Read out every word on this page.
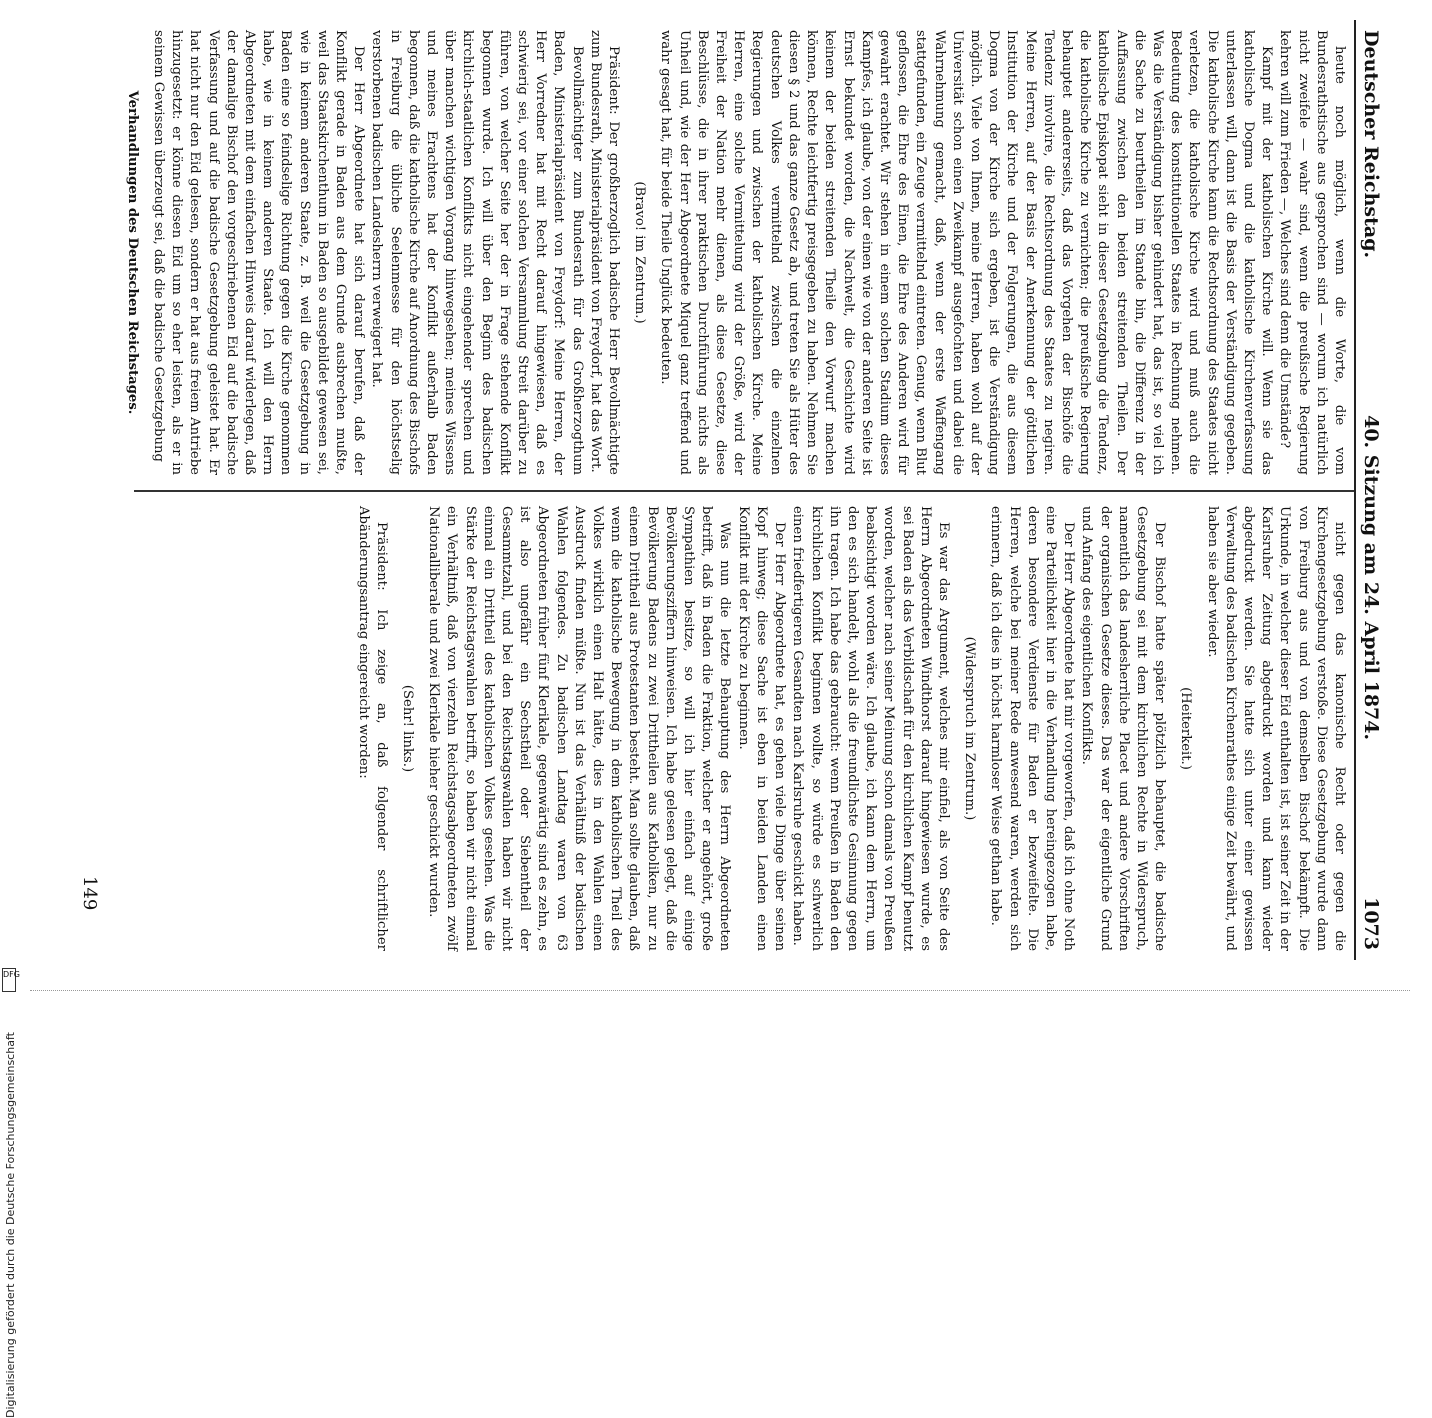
Deutscher Reichstag.
40. Sitzung am 24. April 1874.
1073

heute noch möglich, wenn die Worte, die vom Bundesrathstische aus gesprochen sind — worum ich natürlich nicht zweifele — wahr sind, wenn die preußische Regierung kehren will zum Frieden —, Welches sind denn die Umstände?

Kampf mit der katholischen Kirche will. Wenn sie das katholische Dogma und die katholische Kirchenverfassung unterlassen will, dann ist die Basis der Verständigung gegeben. Die katholische Kirche kann die Rechtsordnung des Staates nicht verletzen, die katholische Kirche wird und muß auch die Bedeutung des konstitutionellen Staates in Rechnung nehmen. Was die Verständigung bisher gehindert hat, das ist, so viel ich die Sache zu beurtheilen im Stande bin, die Differenz in der Auffassung zwischen den beiden streitenden Theilen. Der katholische Episkopat sieht in dieser Gesetzgebung die Tendenz, die katholische Kirche zu vernichten; die preußische Regierung behauptet andererseits, daß das Vorgehen der Bischöfe die Tendenz involvire, die Rechtsordnung des Staates zu negiren. Meine Herren, auf der Basis der Anerkennung der göttlichen Institution der Kirche und der Folgerungen, die aus diesem Dogma von der Kirche sich ergeben, ist die Verständigung möglich. Viele von Ihnen, meine Herren, haben wohl auf der Universität schon einen Zweikampf ausgefochten und dabei die Wahrnehmung gemacht, daß, wenn der erste Waffengang stattgefunden, ein Zeuge vermittelnd eintreten. Genug, wenn Blut geflossen, die Ehre des Einen, die Ehre des Anderen wird für gewahrt erachtet. Wir stehen in einem solchen Stadium dieses Kampfes, ich glaube, von der einen wie von der anderen Seite ist Ernst bekundet worden, die Nachwelt, die Geschichte wird keinem der beiden streitenden Theile den Vorwurf machen können, Rechte leichtfertig preisgegeben zu haben. Nehmen Sie diesen § 2 und das ganze Gesetz ab, und treten Sie als Hüter des deutschen Volkes vermittelnd zwischen die einzelnen Regierungen und zwischen der katholischen Kirche. Meine Herren, eine solche Vermittelung wird der Größe, wird der Freiheit der Nation mehr dienen, als diese Gesetze, diese Beschlüsse, die in ihrer praktischen Durchführung nichts als Unheil und, wie der Herr Abgeordnete Miquel ganz treffend und wahr gesagt hat, für beide Theile Unglück bedeuten.

(Bravo! im Zentrum.)

Präsident: Der großherzoglich badische Herr Bevollmächtigte zum Bundesrath, Ministerialpräsident von Freydorf, hat das Wort.

Bevollmächtigter zum Bundesrath für das Großherzogthum Baden, Ministerialpräsident von Freydorf: Meine Herren, der Herr Vorredner hat mit Recht darauf hingewiesen, daß es schwierig sei, vor einer solchen Versammlung Streit darüber zu führen, von welcher Seite her der in Frage stehende Konflikt begonnen wurde. Ich will über den Beginn des badischen kirchlich-staatlichen Konflikts nicht eingehender sprechen und über manchen wichtigen Vorgang hinwegsehen; meines Wissens und meines Erachtens hat der Konflikt außerhalb Baden begonnen, daß die katholische Kirche auf Anordnung des Bischofs in Freiburg die übliche Seelenmesse für den höchstselig verstorbenen badischen Landesherrn verweigert hat.

Der Herr Abgeordnete hat sich darauf berufen, daß der Konflikt gerade in Baden aus dem Grunde ausbrechen mußte, weil das Staatskirchenthum in Baden so ausgebildet gewesen sei, wie in keinem anderen Staate, z. B. weil die Gesetzgebung in Baden eine so feindselige Richtung gegen die Kirche genommen habe, wie in keinem anderen Staate. Ich will den Herrn Abgeordneten mit dem einfachen Hinweis darauf widerlegen, daß der damalige Bischof den vorgeschriebenen Eid auf die badische Verfassung und auf die badische Gesetzgebung geleistet hat. Er hat nicht nur den Eid gelesen, sondern er hat aus freiem Antriebe hinzugesetzt: er könne diesen Eid um so eher leisten, als er in seinem Gewissen überzeugt sei, daß die badische Gesetzgebung

Verhandlungen des Deutschen Reichstages.

nicht gegen das kanonische Recht oder gegen die Kirchengesetzgebung verstoße. Diese Gesetzgebung wurde dann von Freiburg aus und von demselben Bischof bekämpft. Die Urkunde, in welcher dieser Eid enthalten ist, ist seiner Zeit in der Karlsruher Zeitung abgedruckt worden und kann wieder abgedruckt werden. Sie hatte sich unter einer gewissen Verwaltung des badischen Kirchenrathes einige Zeit bewährt, und haben sie aber wieder.

(Heiterkeit.)

Der Bischof hatte später plötzlich behauptet, die badische Gesetzgebung sei mit dem kirchlichen Rechte in Widerspruch, namentlich das landesherrliche Placet und andere Vorschriften der organischen Gesetze dieses. Das war der eigentliche Grund und Anfang des eigentlichen Konflikts.

Der Herr Abgeordnete hat mir vorgeworfen, daß ich ohne Noth eine Parteilichkeit hier in die Verhandlung hereingezogen habe, deren besondere Verdienste für Baden er bezweifelte. Die Herren, welche bei meiner Rede anwesend waren, werden sich erinnern, daß ich dies in höchst harmloser Weise gethan habe.

(Widerspruch im Zentrum.)

Es war das Argument, welches mir einfiel, als von Seite des Herrn Abgeordneten Windthorst darauf hingewiesen wurde, es sei Baden als das Verbildschaft für den kirchlichen Kampf benutzt worden, welcher nach seiner Meinung schon damals von Preußen beabsichtigt worden wäre. Ich glaube, ich kann dem Herrn, um den es sich handelt, wohl als die freundlichste Gesinnung gegen ihn tragen. Ich habe das gebraucht: wenn Preußen in Baden den kirchlichen Konflikt beginnen wollte, so würde es schwerlich einen friedfertigeren Gesandten nach Karlsruhe geschickt haben.

Der Herr Abgeordnete hat, es gehen viele Dinge über seinen Kopf hinweg; diese Sache ist eben in beiden Landen einen Konflikt mit der Kirche zu beginnen.

Was nun die letzte Behauptung des Herrn Abgeordneten betrifft, daß in Baden die Fraktion, welcher er angehört, große Sympathien besitze, so will ich hier einfach auf einige Bevölkerungsziffern hinweisen. Ich habe gelesen gelegt, daß die Bevölkerung Badens zu zwei Drittheilen aus Katholiken, nur zu einem Drittheil aus Protestanten besteht. Man sollte glauben, daß wenn die katholische Bewegung in dem katholischen Theil des Volkes wirklich einen Halt hätte, dies in den Wahlen einen Ausdruck finden müßte. Nun ist das Verhältniß der badischen Wahlen folgendes. Zu badischen Landtag waren von 63 Abgeordneten früher fünf Klerikale, gegenwärtig sind es zehn, es ist also ungefähr ein Sechstheil oder Siebentheil der Gesammtzahl, und bei den Reichstagswahlen haben wir nicht einmal ein Drittheil des katholischen Volkes gesehen. Was die Stärke der Reichstagswahlen betrifft, so haben wir nicht einmal ein Verhältniß, daß von vierzehn Reichstagsabgeordneten zwölf Nationalliberale und zwei Klerikale hieher geschickt wurden.

(Sehr! links.)

Präsident: Ich zeige an, daß folgender schriftlicher Abänderungsantrag eingereicht worden:

149
Digitalisierung gefördert durch die Deutsche Forschungsgemeinschaft
DFG
